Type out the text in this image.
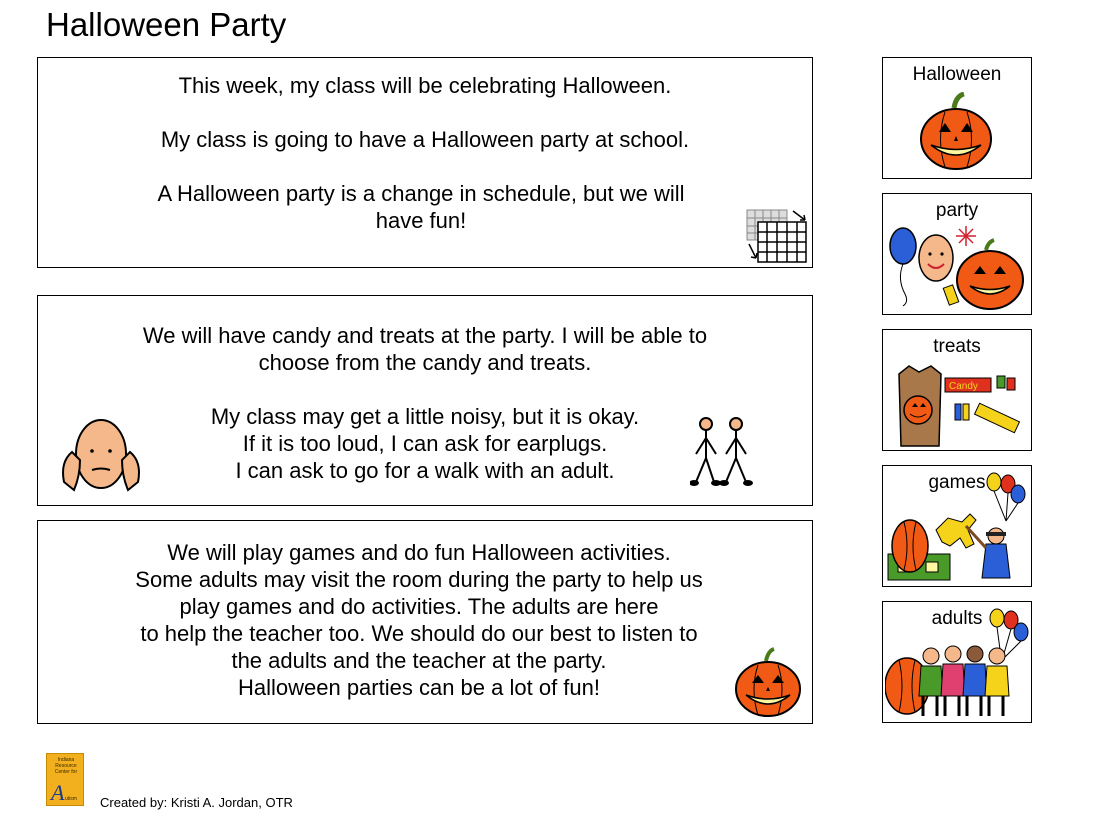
Halloween Party

This week, my class will be celebrating Halloween.

My class is going to have a Halloween party at school.

A Halloween party is a change in schedule, but we will
have fun!

We will have candy and treats at the party. I will be able to
choose from the candy and treats.

My class may get a little noisy, but it is okay.
If it is too loud, I can ask for earplugs.
I can ask to go for a walk with an adult.

We will play games and do fun Halloween activities.
Some adults may visit the room during the party to help us
play games and do activities. The adults are here
to help the teacher too. We should do our best to listen to
the adults and the teacher at the party.
Halloween parties can be a lot of fun!

Halloween
party
treats
Candy
games
adults
Indiana
Resource
Center for
A utism Created by: Kristi A. Jordan, OTR
